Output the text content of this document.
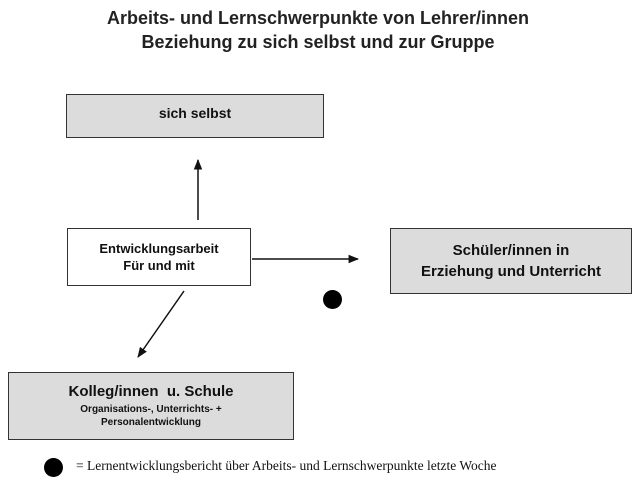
Arbeits- und Lernschwerpunkte von Lehrer/innen
Beziehung zu sich selbst und zur Gruppe
sich selbst
Entwicklungsarbeit
Für und mit
Schüler/innen in
Erziehung und Unterricht
Kolleg/innen  u. Schule
Organisations-, Unterrichts- +
Personalentwicklung
= Lernentwicklungsbericht über Arbeits- und Lernschwerpunkte letzte Woche
